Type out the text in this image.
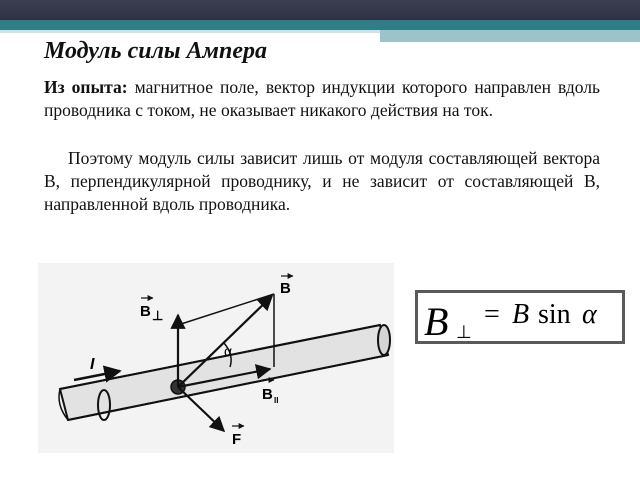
Модуль силы Ампера
Из опыта: магнитное поле, вектор индукции которого направлен вдоль проводника с током, не оказывает никакого действия на ток.
Поэтому модуль силы зависит лишь от модуля составляющей вектора В, перпендикулярной проводнику, и не зависит от составляющей В, направленной вдоль проводника.
I
α
B
B ⊥
B II
F
B ⊥
= B sin α
